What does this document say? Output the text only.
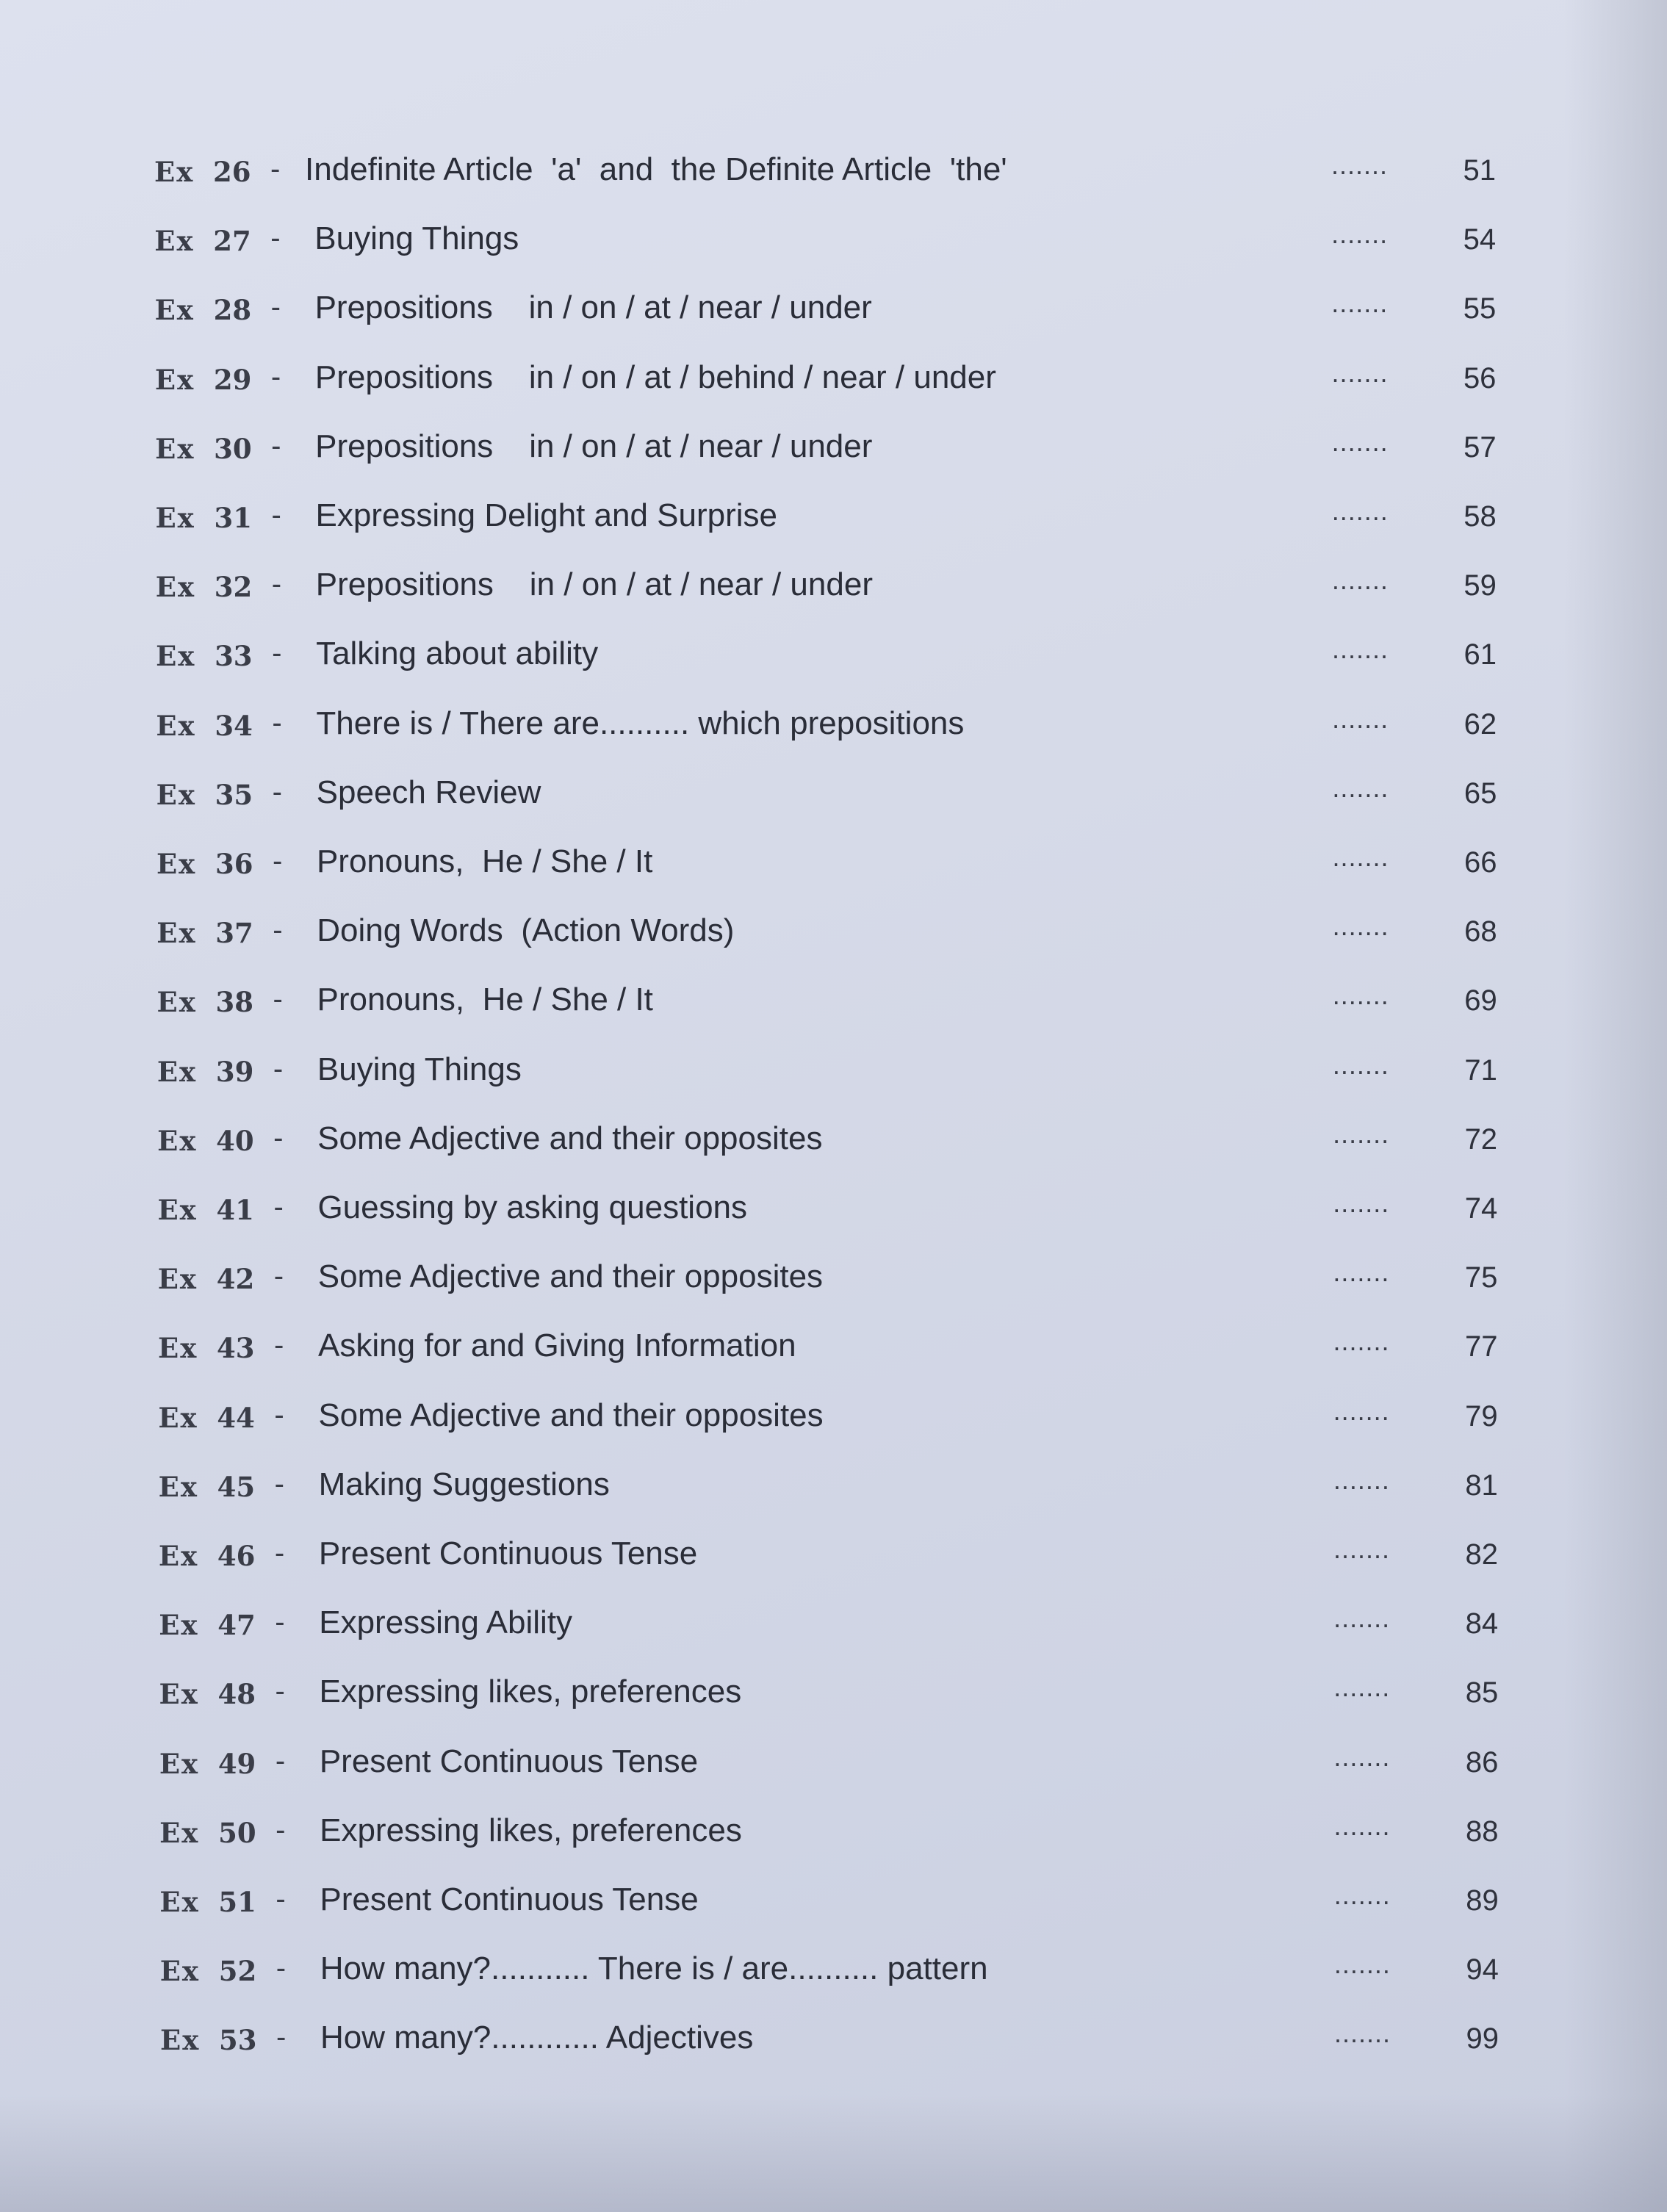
Ex 26 - Indefinite Article  'a'  and  the Definite Article  'the'	.......	51
Ex 27 - Buying Things	.......	54
Ex 28 - Prepositions    in / on / at / near / under	.......	55
Ex 29 - Prepositions    in / on / at / behind / near / under	.......	56
Ex 30 - Prepositions    in / on / at / near / under	.......	57
Ex 31 - Expressing Delight and Surprise	.......	58
Ex 32 - Prepositions    in / on / at / near / under	.......	59
Ex 33 - Talking about ability	.......	61
Ex 34 - There is / There are.......... which prepositions	.......	62
Ex 35 - Speech Review	.......	65
Ex 36 - Pronouns,  He / She / It	.......	66
Ex 37 - Doing Words  (Action Words)	.......	68
Ex 38 - Pronouns,  He / She / It	.......	69
Ex 39 - Buying Things	.......	71
Ex 40 - Some Adjective and their opposites	.......	72
Ex 41 - Guessing by asking questions	.......	74
Ex 42 - Some Adjective and their opposites	.......	75
Ex 43 - Asking for and Giving Information	.......	77
Ex 44 - Some Adjective and their opposites	.......	79
Ex 45 - Making Suggestions	.......	81
Ex 46 - Present Continuous Tense	.......	82
Ex 47 - Expressing Ability	.......	84
Ex 48 - Expressing likes, preferences	.......	85
Ex 49 - Present Continuous Tense	.......	86
Ex 50 - Expressing likes, preferences	.......	88
Ex 51 - Present Continuous Tense	.......	89
Ex 52 - How many?........... There is / are.......... pattern	.......	94
Ex 53 - How many?............ Adjectives	.......	99
